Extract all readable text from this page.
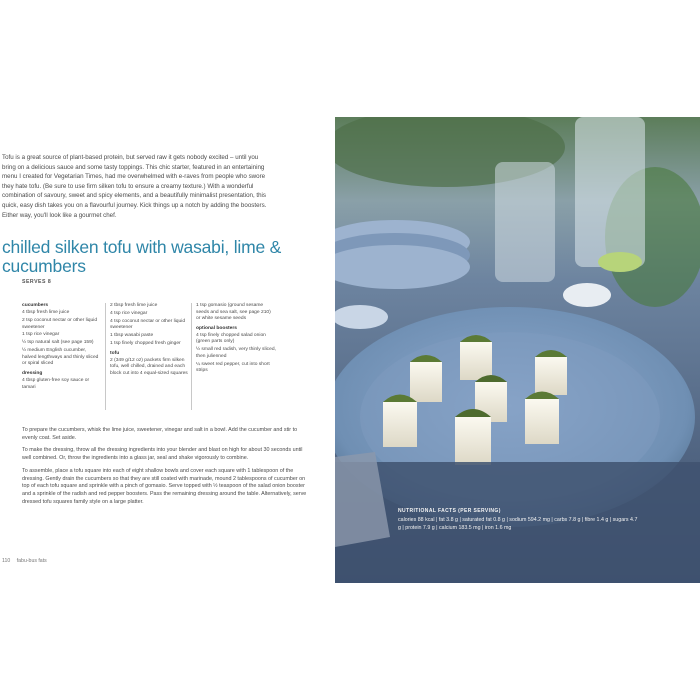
Tofu is a great source of plant-based protein, but served raw it gets nobody excited – until you bring on a delicious sauce and some tasty toppings. This chic starter, featured in an entertaining menu I created for Vegetarian Times, had me overwhelmed with e-raves from people who swore they hate tofu. (Be sure to use firm silken tofu to ensure a creamy texture.) With a wonderful combination of savoury, sweet and spicy elements, and a beautifully minimalist presentation, this quick, easy dish takes you on a flavourful journey. Kick things up a notch by adding the boosters. Either way, you'll look like a gourmet chef.

chilled silken tofu with wasabi, lime & cucumbers
SERVES 8
cucumbers
4 tbsp fresh lime juice
2 tsp coconut nectar or other liquid sweetener
1 tsp rice vinegar
½ tsp natural salt (see page 159)
½ medium English cucumber, halved lengthways and thinly sliced or spiral sliced
dressing
4 tbsp gluten-free soy sauce or tamari
2 tbsp fresh lime juice
4 tsp rice vinegar
4 tsp coconut nectar or other liquid sweetener
1 tbsp wasabi paste
1 tsp finely chopped fresh ginger
tofu
2 (349 g/12 oz) packets firm silken tofu, well chilled, drained and each block cut into 4 equal-sized squares
1 tsp gomasio (ground sesame seeds and sea salt, see page 210) or white sesame seeds
optional boosters
4 tsp finely chopped salad onion (green parts only)
½ small red radish, very thinly sliced, then julienned
¼ sweet red pepper, cut into short strips

To prepare the cucumbers, whisk the lime juice, sweetener, vinegar and salt in a bowl. Add the cucumber and stir to evenly coat. Set aside.

To make the dressing, throw all the dressing ingredients into your blender and blast on high for about 30 seconds until well combined. Or, throw the ingredients into a glass jar, seal and shake vigorously to combine.

To assemble, place a tofu square into each of eight shallow bowls and cover each square with 1 tablespoon of the dressing. Gently drain the cucumbers so that they are still coated with marinade, mound 2 tablespoons of cucumber on top of each tofu square and sprinkle with a pinch of gomasio. Serve topped with ½ teaspoon of the salad onion booster and a sprinkle of the radish and red pepper boosters. Pass the remaining dressing around the table. Alternatively, serve dressed tofu squares family style on a large platter.

110 fabu-bus fats
NUTRITIONAL FACTS (PER SERVING)
calories 88 kcal | fat 3.8 g | saturated fat 0.8 g | sodium 594.2 mg | carbs 7.8 g | fibre 1.4 g | sugars 4.7 g | protein 7.9 g | calcium 183.5 mg | iron 1.6 mg
